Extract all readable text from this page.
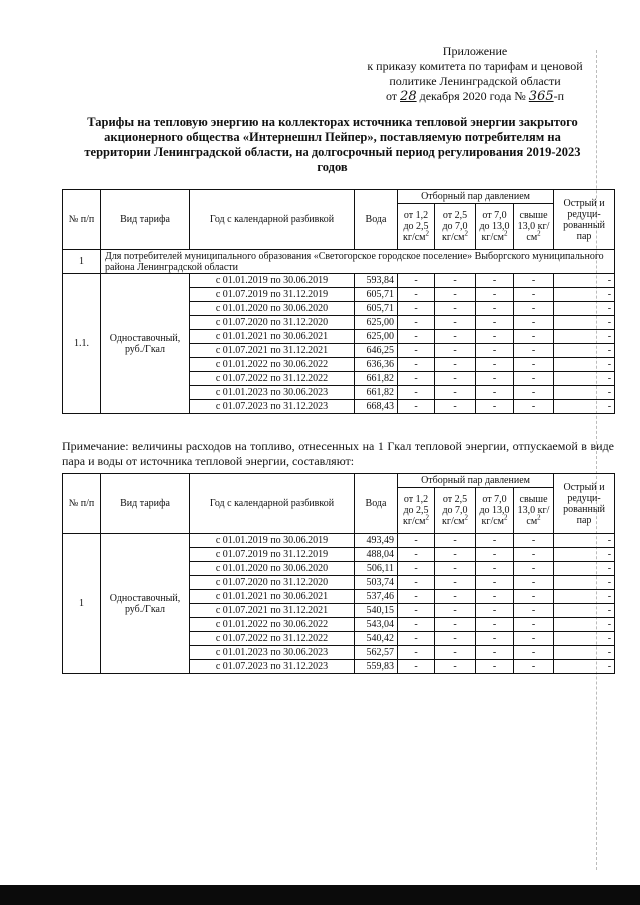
Приложение
к приказу комитета по тарифам и ценовой
политике Ленинградской области
от 28 декабря 2020 года № 365-п
Тарифы на тепловую энергию на коллекторах источника тепловой энергии закрытого акционерного общества «Интернешнл Пейпер», поставляемую потребителям на территории Ленинградской области, на долгосрочный период регулирования 2019-2023 годов
№ п/п	Вид тарифа	Год с календарной разбивкой	Вода	Отборный пар давлением				Острый и редуци-рованный пар
				от 1,2 до 2,5 $кг/см^2$	от 2,5 до 7,0 $кг/см^2$	от 7,0 до 13,0 $кг/см^2$	свыше 13,0 $кг/см^2$
1	Для потребителей муниципального образования «Светогорское городское поселение» Выборгского муниципального района Ленинградской области							
1.1.	Одноставочный, руб./Гкал	с 01.01.2019 по 30.06.2019	593,84	-	-	-	-	-
		с 01.07.2019 по 31.12.2019	605,71	-	-	-	-	-
		с 01.01.2020 по 30.06.2020	605,71	-	-	-	-	-
		с 01.07.2020 по 31.12.2020	625,00	-	-	-	-	-
		с 01.01.2021 по 30.06.2021	625,00	-	-	-	-	-
		с 01.07.2021 по 31.12.2021	646,25	-	-	-	-	-
		с 01.01.2022 по 30.06.2022	636,36	-	-	-	-	-
		с 01.07.2022 по 31.12.2022	661,82	-	-	-	-	-
		с 01.01.2023 по 30.06.2023	661,82	-	-	-	-	-
		с 01.07.2023 по 31.12.2023	668,43	-	-	-	-	-
Примечание: величины расходов на топливо, отнесенных на 1 Гкал тепловой энергии, отпускаемой в виде пара и воды от источника тепловой энергии, составляют:
№ п/п	Вид тарифа	Год с календарной разбивкой	Вода	Отборный пар давлением				Острый и редуци-рованный пар
				от 1,2 до 2,5 $кг/см^2$	от 2,5 до 7,0 $кг/см^2$	от 7,0 до 13,0 $кг/см^2$	свыше 13,0 $кг/см^2$
1	Одноставочный, руб./Гкал	с 01.01.2019 по 30.06.2019	493,49	-	-	-	-	-
		с 01.07.2019 по 31.12.2019	488,04	-	-	-	-	-
		с 01.01.2020 по 30.06.2020	506,11	-	-	-	-	-
		с 01.07.2020 по 31.12.2020	503,74	-	-	-	-	-
		с 01.01.2021 по 30.06.2021	537,46	-	-	-	-	-
		с 01.07.2021 по 31.12.2021	540,15	-	-	-	-	-
		с 01.01.2022 по 30.06.2022	543,04	-	-	-	-	-
		с 01.07.2022 по 31.12.2022	540,42	-	-	-	-	-
		с 01.01.2023 по 30.06.2023	562,57	-	-	-	-	-
		с 01.07.2023 по 31.12.2023	559,83	-	-	-	-	-
